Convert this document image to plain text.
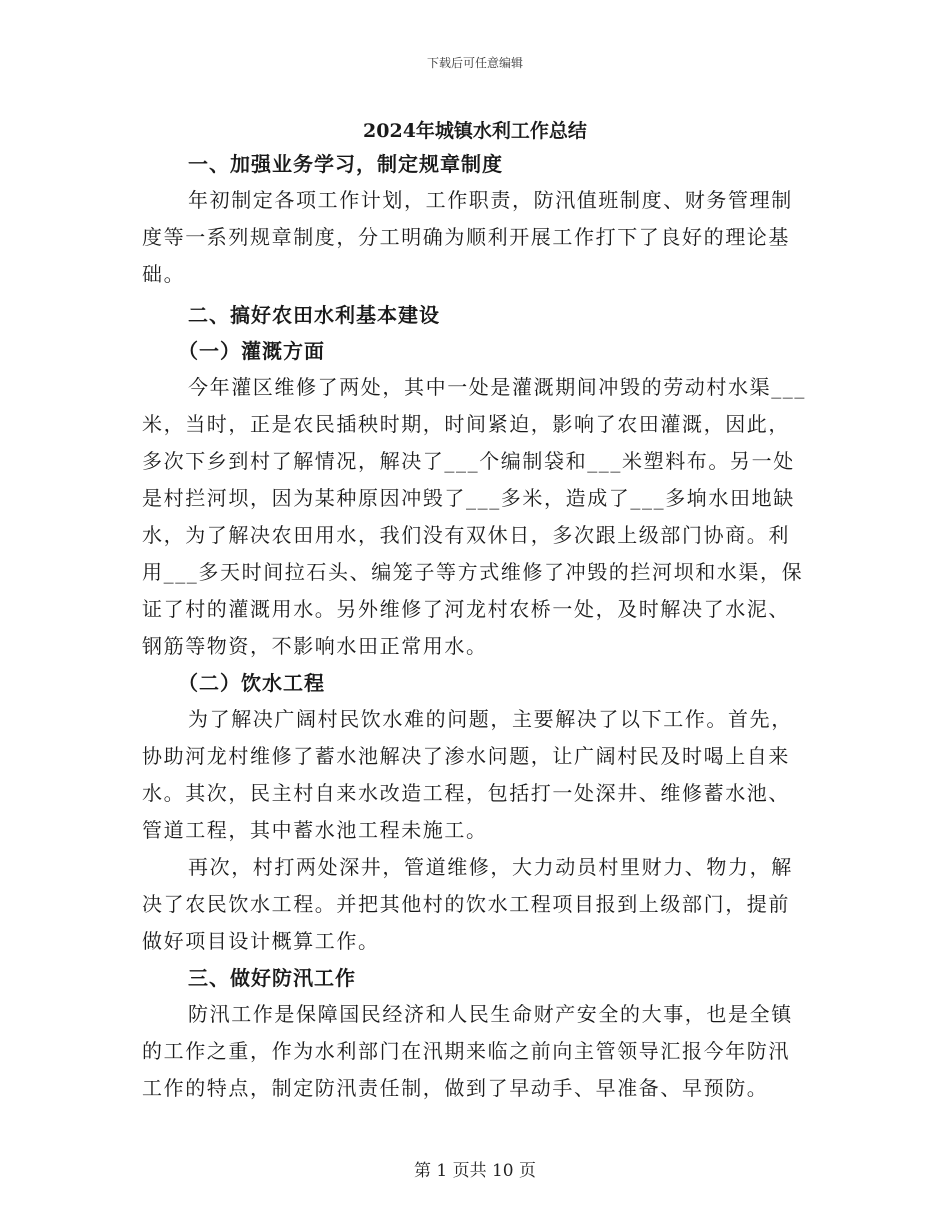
下载后可任意编辑
2024年城镇水利工作总结
一、加强业务学习，制定规章制度
年初制定各项工作计划，工作职责，防汛值班制度、财务管理制
度等一系列规章制度，分工明确为顺利开展工作打下了良好的理论基
础。
二、搞好农田水利基本建设
（一）灌溉方面
今年灌区维修了两处，其中一处是灌溉期间冲毁的劳动村水渠___
米，当时，正是农民插秧时期，时间紧迫，影响了农田灌溉，因此，
多次下乡到村了解情况，解决了___个编制袋和___米塑料布。另一处
是村拦河坝，因为某种原因冲毁了___多米，造成了___多垧水田地缺
水，为了解决农田用水，我们没有双休日，多次跟上级部门协商。利
用___多天时间拉石头、编笼子等方式维修了冲毁的拦河坝和水渠，保
证了村的灌溉用水。另外维修了河龙村农桥一处，及时解决了水泥、
钢筋等物资，不影响水田正常用水。
（二）饮水工程
为了解决广阔村民饮水难的问题，主要解决了以下工作。首先，
协助河龙村维修了蓄水池解决了渗水问题，让广阔村民及时喝上自来
水。其次，民主村自来水改造工程，包括打一处深井、维修蓄水池、
管道工程，其中蓄水池工程未施工。
再次，村打两处深井，管道维修，大力动员村里财力、物力，解
决了农民饮水工程。并把其他村的饮水工程项目报到上级部门，提前
做好项目设计概算工作。
三、做好防汛工作
防汛工作是保障国民经济和人民生命财产安全的大事，也是全镇
的工作之重，作为水利部门在汛期来临之前向主管领导汇报今年防汛
工作的特点，制定防汛责任制，做到了早动手、早准备、早预防。
第 1 页共 10 页
